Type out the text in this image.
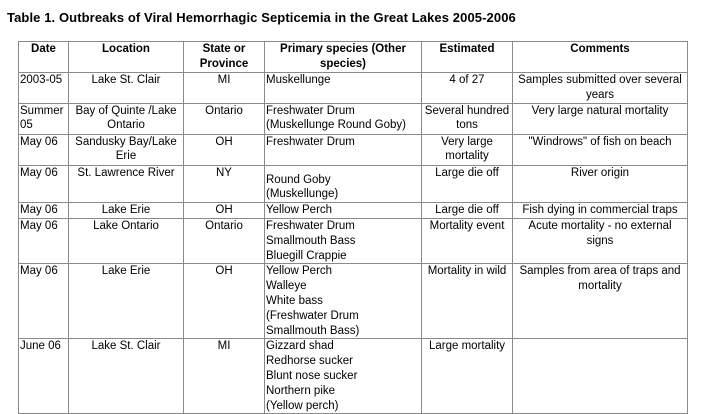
Table 1. Outbreaks of Viral Hemorrhagic Septicemia in the Great Lakes 2005-2006
Date	Location	State or Province	Primary species (Other species)	Estimated	Comments
2003-05	Lake St. Clair	MI	Muskellunge	4 of 27	Samples submitted over several years
Summer 05	Bay of Quinte /Lake Ontario	Ontario	Freshwater Drum
(Muskellunge Round Goby)	Several hundred tons	Very large natural mortality
May 06	Sandusky Bay/Lake Erie	OH	Freshwater Drum	Very large mortality	"Windrows" of fish on beach
May 06	St. Lawrence River	NY	Round Goby
(Muskellunge)	Large die off	River origin
May 06	Lake Erie	OH	Yellow Perch	Large die off	Fish dying in commercial traps
May 06	Lake Ontario	Ontario	Freshwater Drum
Smallmouth Bass
Bluegill Crappie	Mortality event	Acute mortality - no external signs
May 06	Lake Erie	OH	Yellow Perch
Walleye
White bass
(Freshwater Drum
Smallmouth Bass)	Mortality in wild	Samples from area of traps and mortality
June 06	Lake St. Clair	MI	Gizzard shad
Redhorse sucker
Blunt nose sucker
Northern pike
(Yellow perch)	Large mortality	
